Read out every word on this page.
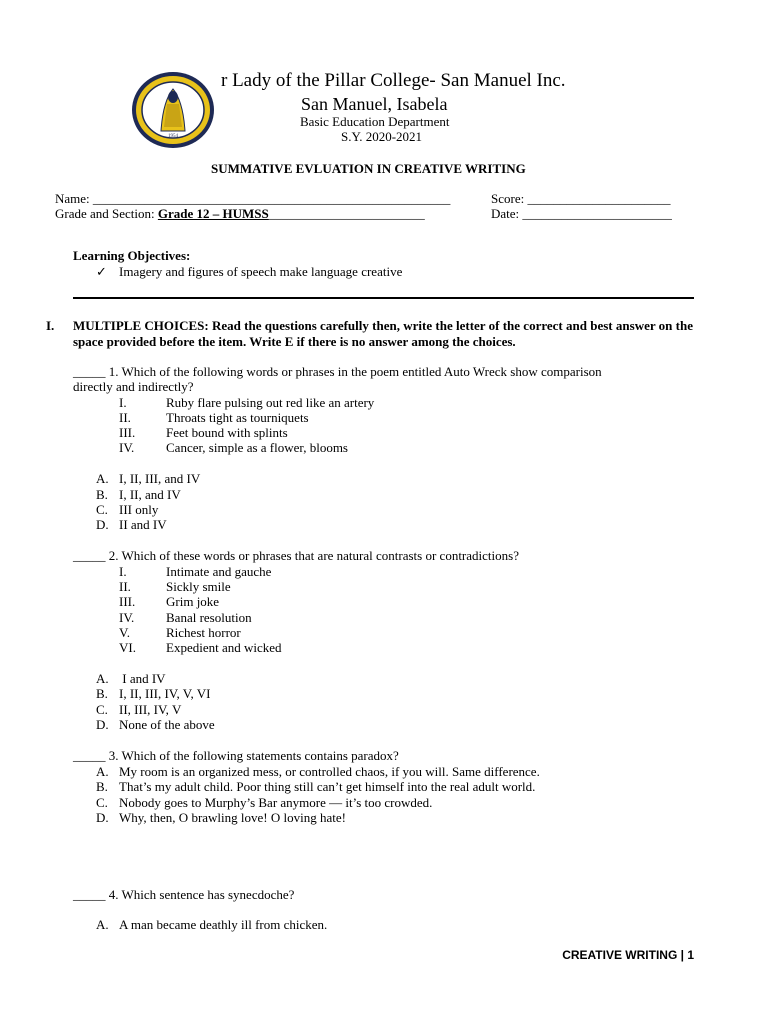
1954
r Lady of the Pillar College- San Manuel Inc.
San Manuel, Isabela
Basic Education Department
S.Y. 2020-2021
SUMMATIVE EVLUATION IN CREATIVE WRITING
Name: _______________________________________________________	Score: ______________________
Grade and Section: Grade 12 – HUMSS________________________	Date: _______________________
Learning Objectives:
✓ Imagery and figures of speech make language creative
I. MULTIPLE CHOICES: Read the questions carefully then, write the letter of the correct and best answer on the space provided before the item. Write E if there is no answer among the choices.
_____ 1. Which of the following words or phrases in the poem entitled Auto Wreck show comparison
directly and indirectly?
I.	Ruby flare pulsing out red like an artery
II.	Throats tight as tourniquets
III. Feet bound with splints
IV. Cancer, simple as a flower, blooms
A. I, II, III, and IV
B. I, II, and IV
C. III only
D. II and IV
_____ 2. Which of these words or phrases that are natural contrasts or contradictions?
I.	Intimate and gauche
II.	Sickly smile
III. Grim joke
IV. Banal resolution
V.	Richest horror
VI. Expedient and wicked
A. I and IV
B. I, II, III, IV, V, VI
C. II, III, IV, V
D. None of the above
_____ 3. Which of the following statements contains paradox?
A. My room is an organized mess, or controlled chaos, if you will. Same difference.
B. That’s my adult child. Poor thing still can’t get himself into the real adult world.
C. Nobody goes to Murphy’s Bar anymore — it’s too crowded.
D. Why, then, O brawling love! O loving hate!
_____ 4. Which sentence has synecdoche?
A. A man became deathly ill from chicken.
CREATIVE WRITING | 1
